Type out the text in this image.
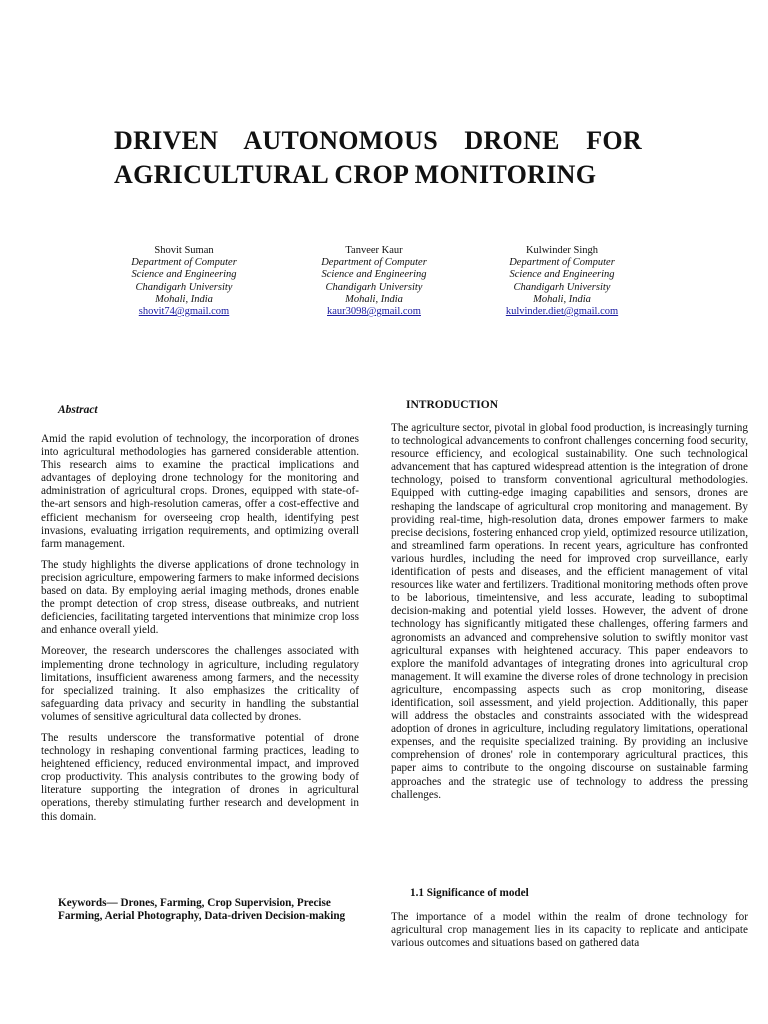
DRIVEN AUTONOMOUS DRONE FOR AGRICULTURAL CROP MONITORING
Shovit Suman
Department of Computer
Science and Engineering
Chandigarh University
Mohali, India
shovit74@gmail.com
Tanveer Kaur
Department of Computer
Science and Engineering
Chandigarh University
Mohali, India
kaur3098@gmail.com
Kulwinder Singh
Department of Computer
Science and Engineering
Chandigarh University
Mohali, India
kulvinder.diet@gmail.com
Abstract

Amid the rapid evolution of technology, the incorporation of drones into agricultural methodologies has garnered considerable attention. This research aims to examine the practical implications and advantages of deploying drone technology for the monitoring and administration of agricultural crops. Drones, equipped with state-of-the-art sensors and high-resolution cameras, offer a cost-effective and efficient mechanism for overseeing crop health, identifying pest invasions, evaluating irrigation requirements, and optimizing overall farm management.

The study highlights the diverse applications of drone technology in precision agriculture, empowering farmers to make informed decisions based on data. By employing aerial imaging methods, drones enable the prompt detection of crop stress, disease outbreaks, and nutrient deficiencies, facilitating targeted interventions that minimize crop loss and enhance overall yield.

Moreover, the research underscores the challenges associated with implementing drone technology in agriculture, including regulatory limitations, insufficient awareness among farmers, and the necessity for specialized training. It also emphasizes the criticality of safeguarding data privacy and security in handling the substantial volumes of sensitive agricultural data collected by drones.

The results underscore the transformative potential of drone technology in reshaping conventional farming practices, leading to heightened efficiency, reduced environmental impact, and improved crop productivity. This analysis contributes to the growing body of literature supporting the integration of drones in agricultural operations, thereby stimulating further research and development in this domain.

Keywords— Drones, Farming, Crop Supervision, Precise Farming, Aerial Photography, Data-driven Decision-making
INTRODUCTION

The agriculture sector, pivotal in global food production, is increasingly turning to technological advancements to confront challenges concerning food security, resource efficiency, and ecological sustainability. One such technological advancement that has captured widespread attention is the integration of drone technology, poised to transform conventional agricultural methodologies. Equipped with cutting-edge imaging capabilities and sensors, drones are reshaping the landscape of agricultural crop monitoring and management. By providing real-time, high-resolution data, drones empower farmers to make precise decisions, fostering enhanced crop yield, optimized resource utilization, and streamlined farm operations. In recent years, agriculture has confronted various hurdles, including the need for improved crop surveillance, early identification of pests and diseases, and the efficient management of vital resources like water and fertilizers. Traditional monitoring methods often prove to be laborious, timeintensive, and less accurate, leading to suboptimal decision-making and potential yield losses. However, the advent of drone technology has significantly mitigated these challenges, offering farmers and agronomists an advanced and comprehensive solution to swiftly monitor vast agricultural expanses with heightened accuracy. This paper endeavors to explore the manifold advantages of integrating drones into agricultural crop management. It will examine the diverse roles of drone technology in precision agriculture, encompassing aspects such as crop monitoring, disease identification, soil assessment, and yield projection. Additionally, this paper will address the obstacles and constraints associated with the widespread adoption of drones in agriculture, including regulatory limitations, operational expenses, and the requisite specialized training. By providing an inclusive comprehension of drones' role in contemporary agricultural practices, this paper aims to contribute to the ongoing discourse on sustainable farming approaches and the strategic use of technology to address the pressing challenges.

1.1 Significance of model

The importance of a model within the realm of drone technology for agricultural crop management lies in its capacity to replicate and anticipate various outcomes and situations based on gathered data
